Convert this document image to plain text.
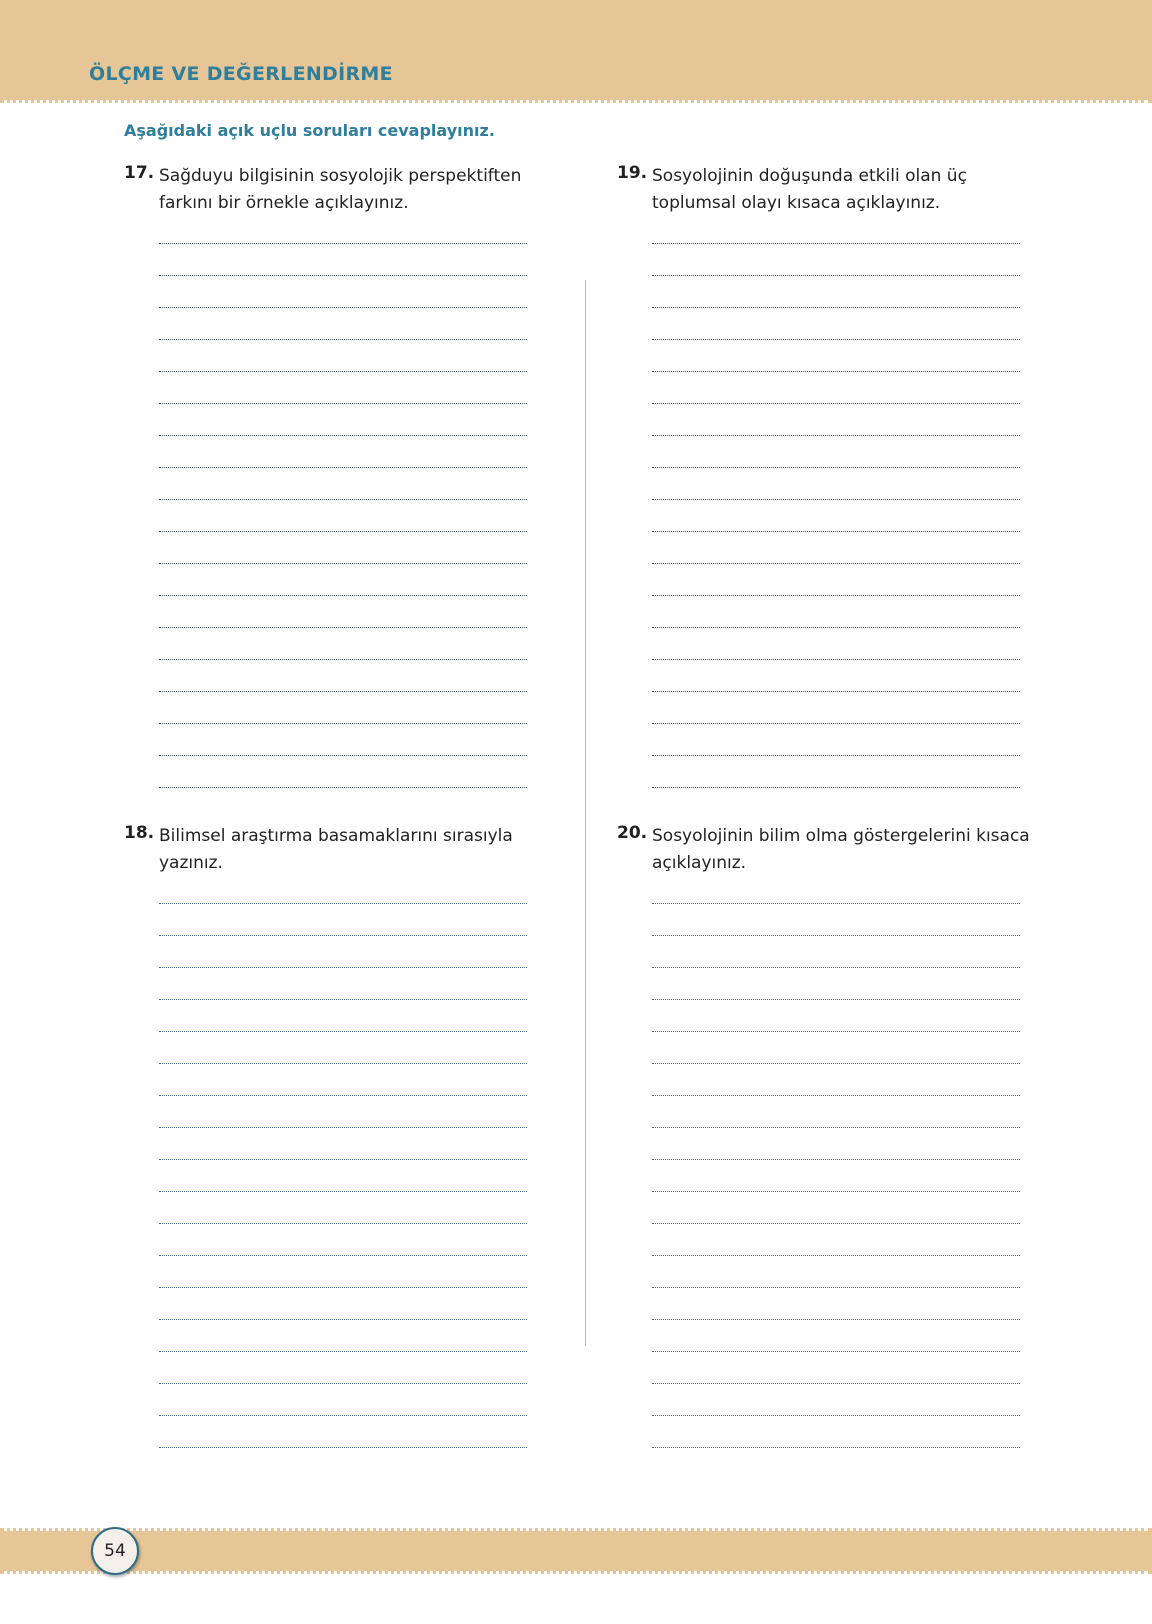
ÖLÇME VE DEĞERLENDİRME
Aşağıdaki açık uçlu soruları cevaplayınız.
17. Sağduyu bilgisinin sosyolojik perspektiften farkını bir örnekle açıklayınız.
18. Bilimsel araştırma basamaklarını sırasıyla yazınız.
19. Sosyolojinin doğuşunda etkili olan üç toplumsal olayı kısaca açıklayınız.
20. Sosyolojinin bilim olma göstergelerini kısaca açıklayınız.
54
